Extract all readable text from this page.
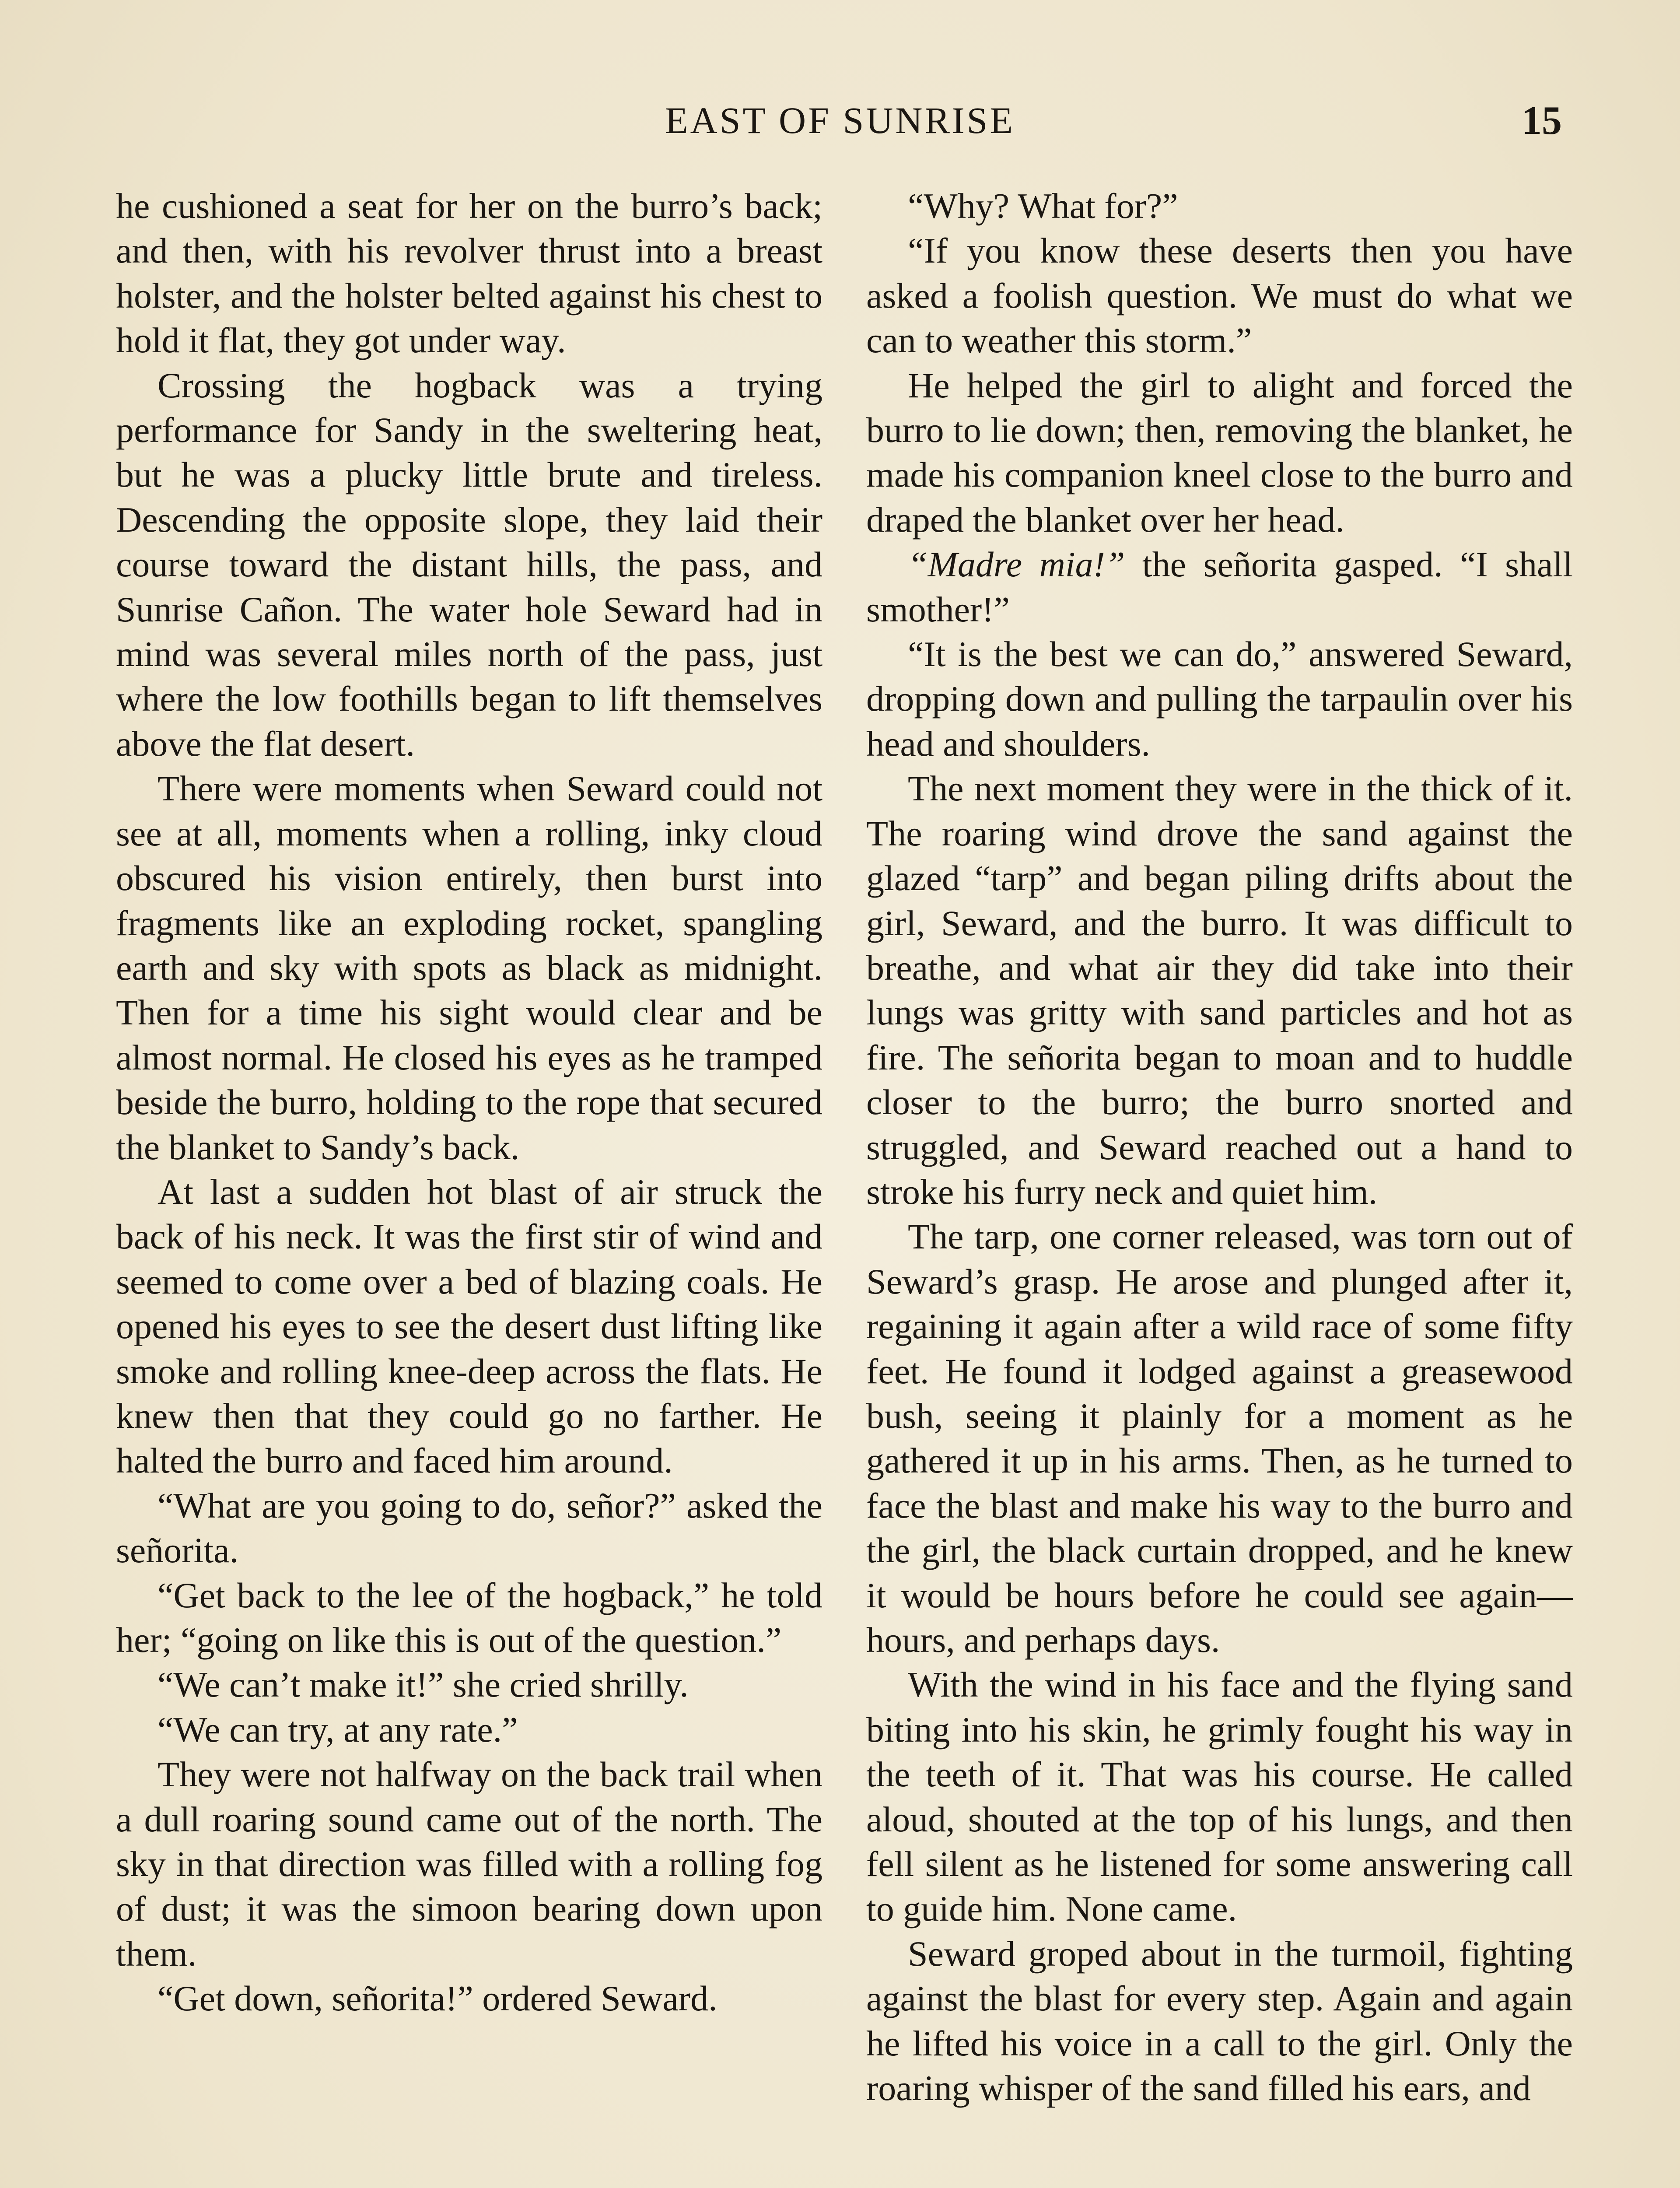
EAST OF SUNRISE	15

he cushioned a seat for her on the burro’s back; and then, with his revolver thrust into a breast holster, and the holster belted against his chest to hold it flat, they got under way.

Crossing the hogback was a trying performance for Sandy in the sweltering heat, but he was a plucky little brute and tireless. Descending the opposite slope, they laid their course toward the distant hills, the pass, and Sunrise Cañon. The water hole Seward had in mind was several miles north of the pass, just where the low foothills began to lift themselves above the flat desert.

There were moments when Seward could not see at all, moments when a rolling, inky cloud obscured his vision entirely, then burst into fragments like an exploding rocket, spangling earth and sky with spots as black as midnight. Then for a time his sight would clear and be almost normal. He closed his eyes as he tramped beside the burro, holding to the rope that secured the blanket to Sandy’s back.

At last a sudden hot blast of air struck the back of his neck. It was the first stir of wind and seemed to come over a bed of blazing coals. He opened his eyes to see the desert dust lifting like smoke and rolling knee-deep across the flats. He knew then that they could go no farther. He halted the burro and faced him around.

“What are you going to do, señor?” asked the señorita.

“Get back to the lee of the hogback,” he told her; “going on like this is out of the question.”

“We can’t make it!” she cried shrilly.

“We can try, at any rate.”

They were not halfway on the back trail when a dull roaring sound came out of the north. The sky in that direction was filled with a rolling fog of dust; it was the simoon bearing down upon them.

“Get down, señorita!” ordered Seward.

“Why? What for?”

“If you know these deserts then you have asked a foolish question. We must do what we can to weather this storm.”

He helped the girl to alight and forced the burro to lie down; then, removing the blanket, he made his companion kneel close to the burro and draped the blanket over her head.

“Madre mia!” the señorita gasped. “I shall smother!”

“It is the best we can do,” answered Seward, dropping down and pulling the tarpaulin over his head and shoulders.

The next moment they were in the thick of it. The roaring wind drove the sand against the glazed “tarp” and began piling drifts about the girl, Seward, and the burro. It was difficult to breathe, and what air they did take into their lungs was gritty with sand particles and hot as fire. The señorita began to moan and to huddle closer to the burro; the burro snorted and struggled, and Seward reached out a hand to stroke his furry neck and quiet him.

The tarp, one corner released, was torn out of Seward’s grasp. He arose and plunged after it, regaining it again after a wild race of some fifty feet. He found it lodged against a greasewood bush, seeing it plainly for a moment as he gathered it up in his arms. Then, as he turned to face the blast and make his way to the burro and the girl, the black curtain dropped, and he knew it would be hours before he could see again—hours, and perhaps days.

With the wind in his face and the flying sand biting into his skin, he grimly fought his way in the teeth of it. That was his course. He called aloud, shouted at the top of his lungs, and then fell silent as he listened for some answering call to guide him. None came.

Seward groped about in the turmoil, fighting against the blast for every step. Again and again he lifted his voice in a call to the girl. Only the roaring whisper of the sand filled his ears, and
